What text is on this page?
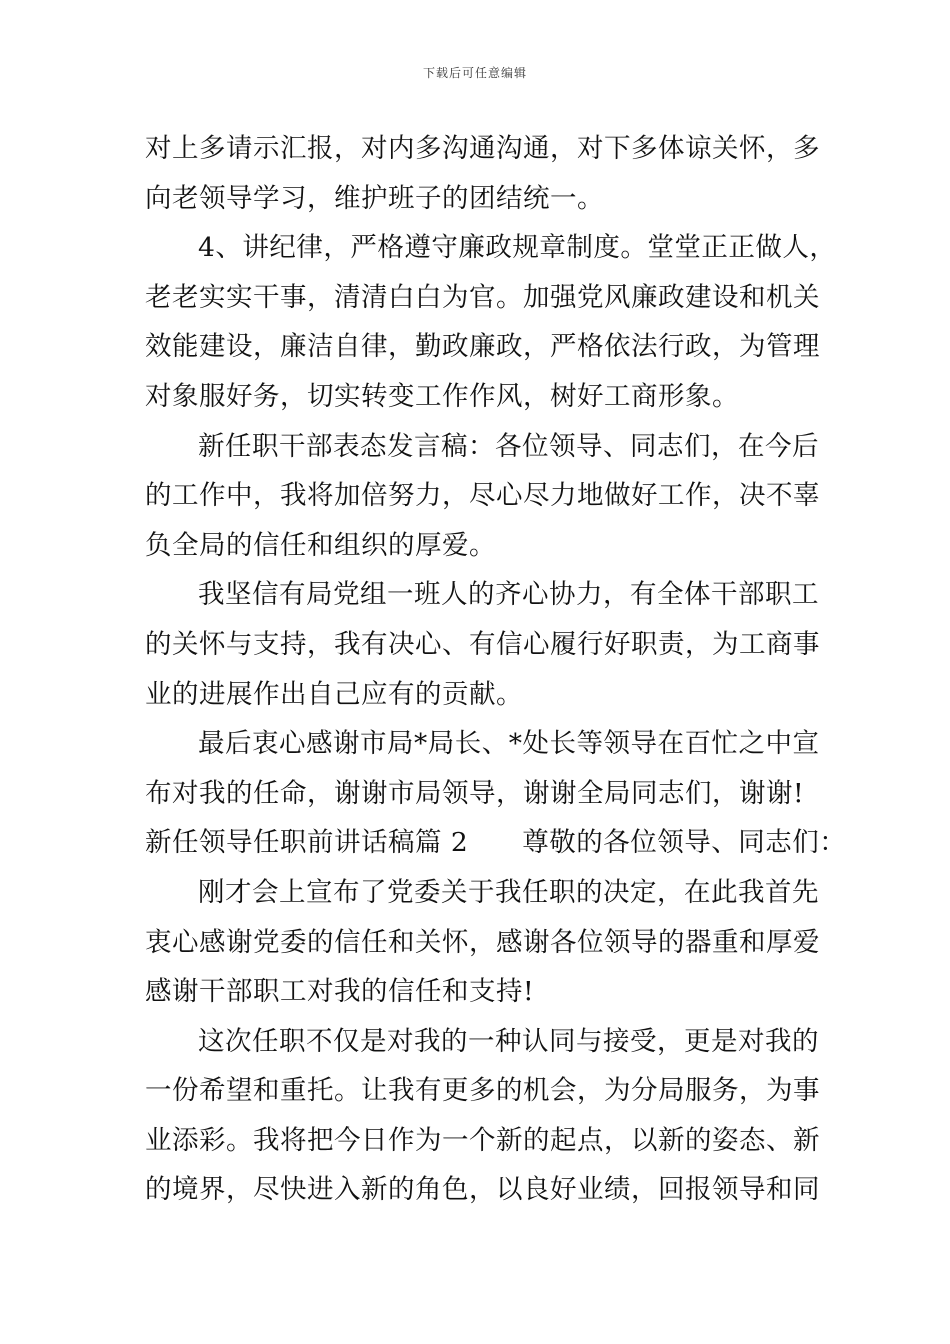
下载后可任意编辑
对上多请示汇报，对内多沟通沟通，对下多体谅关怀，多
向老领导学习，维护班子的团结统一。
4、讲纪律，严格遵守廉政规章制度。堂堂正正做人，
老老实实干事，清清白白为官。加强党风廉政建设和机关
效能建设，廉洁自律，勤政廉政，严格依法行政，为管理
对象服好务，切实转变工作作风，树好工商形象。
新任职干部表态发言稿：各位领导、同志们，在今后
的工作中，我将加倍努力，尽心尽力地做好工作，决不辜
负全局的信任和组织的厚爱。
我坚信有局党组一班人的齐心协力，有全体干部职工
的关怀与支持，我有决心、有信心履行好职责，为工商事
业的进展作出自己应有的贡献。
最后衷心感谢市局*局长、*处长等领导在百忙之中宣
布对我的任命，谢谢市局领导，谢谢全局同志们，谢谢!
新任领导任职前讲话稿篇 2　　尊敬的各位领导、同志们：
刚才会上宣布了党委关于我任职的决定，在此我首先
衷心感谢党委的信任和关怀，感谢各位领导的器重和厚爱
感谢干部职工对我的信任和支持!
这次任职不仅是对我的一种认同与接受，更是对我的
一份希望和重托。让我有更多的机会，为分局服务，为事
业添彩。我将把今日作为一个新的起点，以新的姿态、新
的境界，尽快进入新的角色，以良好业绩，回报领导和同
